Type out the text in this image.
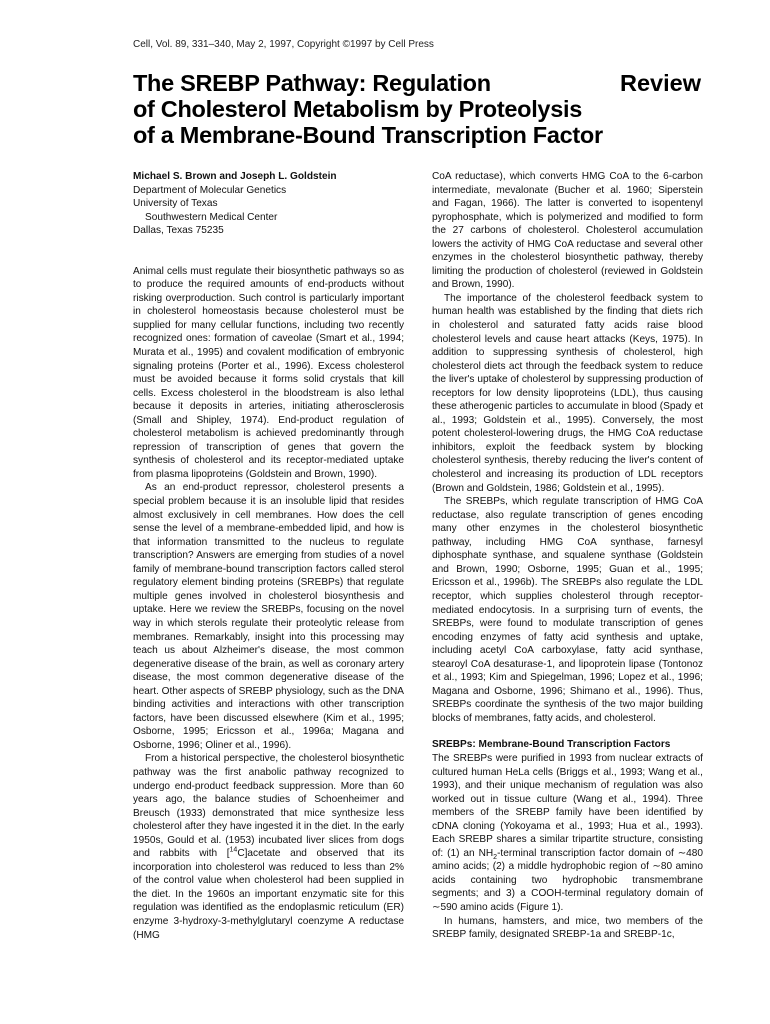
Cell, Vol. 89, 331–340, May 2, 1997, Copyright ©1997 by Cell Press
The SREBP Pathway: Regulation
of Cholesterol Metabolism by Proteolysis
of a Membrane-Bound Transcription Factor
Review
Michael S. Brown and Joseph L. Goldstein
Department of Molecular Genetics
University of Texas
Southwestern Medical Center
Dallas, Texas 75235

Animal cells must regulate their biosynthetic pathways so as to produce the required amounts of end-products without risking overproduction. Such control is particularly important in cholesterol homeostasis because cholesterol must be supplied for many cellular functions, including two recently recognized ones: formation of caveolae (Smart et al., 1994; Murata et al., 1995) and covalent modification of embryonic signaling proteins (Porter et al., 1996). Excess cholesterol must be avoided because it forms solid crystals that kill cells. Excess cholesterol in the bloodstream is also lethal because it deposits in arteries, initiating atherosclerosis (Small and Shipley, 1974). End-product regulation of cholesterol metabolism is achieved predominantly through repression of transcription of genes that govern the synthesis of cholesterol and its receptor-mediated uptake from plasma lipoproteins (Goldstein and Brown, 1990).

As an end-product repressor, cholesterol presents a special problem because it is an insoluble lipid that resides almost exclusively in cell membranes. How does the cell sense the level of a membrane-embedded lipid, and how is that information transmitted to the nucleus to regulate transcription? Answers are emerging from studies of a novel family of membrane-bound transcription factors called sterol regulatory element binding proteins (SREBPs) that regulate multiple genes involved in cholesterol biosynthesis and uptake. Here we review the SREBPs, focusing on the novel way in which sterols regulate their proteolytic release from membranes. Remarkably, insight into this processing may teach us about Alzheimer's disease, the most common degenerative disease of the brain, as well as coronary artery disease, the most common degenerative disease of the heart. Other aspects of SREBP physiology, such as the DNA binding activities and interactions with other transcription factors, have been discussed elsewhere (Kim et al., 1995; Osborne, 1995; Ericsson et al., 1996a; Magana and Osborne, 1996; Oliner et al., 1996).

From a historical perspective, the cholesterol biosynthetic pathway was the first anabolic pathway recognized to undergo end-product feedback suppression. More than 60 years ago, the balance studies of Schoenheimer and Breusch (1933) demonstrated that mice synthesize less cholesterol after they have ingested it in the diet. In the early 1950s, Gould et al. (1953) incubated liver slices from dogs and rabbits with [$^{14}$C]acetate and observed that its incorporation into cholesterol was reduced to less than 2% of the control value when cholesterol had been supplied in the diet. In the 1960s an important enzymatic site for this regulation was identified as the endoplasmic reticulum (ER) enzyme 3-hydroxy-3-methylglutaryl coenzyme A reductase (HMG

CoA reductase), which converts HMG CoA to the 6-carbon intermediate, mevalonate (Bucher et al. 1960; Siperstein and Fagan, 1966). The latter is converted to isopentenyl pyrophosphate, which is polymerized and modified to form the 27 carbons of cholesterol. Cholesterol accumulation lowers the activity of HMG CoA reductase and several other enzymes in the cholesterol biosynthetic pathway, thereby limiting the production of cholesterol (reviewed in Goldstein and Brown, 1990).

The importance of the cholesterol feedback system to human health was established by the finding that diets rich in cholesterol and saturated fatty acids raise blood cholesterol levels and cause heart attacks (Keys, 1975). In addition to suppressing synthesis of cholesterol, high cholesterol diets act through the feedback system to reduce the liver's uptake of cholesterol by suppressing production of receptors for low density lipoproteins (LDL), thus causing these atherogenic particles to accumulate in blood (Spady et al., 1993; Goldstein et al., 1995). Conversely, the most potent cholesterol-lowering drugs, the HMG CoA reductase inhibitors, exploit the feedback system by blocking cholesterol synthesis, thereby reducing the liver's content of cholesterol and increasing its production of LDL receptors (Brown and Goldstein, 1986; Goldstein et al., 1995).

The SREBPs, which regulate transcription of HMG CoA reductase, also regulate transcription of genes encoding many other enzymes in the cholesterol biosynthetic pathway, including HMG CoA synthase, farnesyl diphosphate synthase, and squalene synthase (Goldstein and Brown, 1990; Osborne, 1995; Guan et al., 1995; Ericsson et al., 1996b). The SREBPs also regulate the LDL receptor, which supplies cholesterol through receptor-mediated endocytosis. In a surprising turn of events, the SREBPs, were found to modulate transcription of genes encoding enzymes of fatty acid synthesis and uptake, including acetyl CoA carboxylase, fatty acid synthase, stearoyl CoA desaturase-1, and lipoprotein lipase (Tontonoz et al., 1993; Kim and Spiegelman, 1996; Lopez et al., 1996; Magana and Osborne, 1996; Shimano et al., 1996). Thus, SREBPs coordinate the synthesis of the two major building blocks of membranes, fatty acids, and cholesterol.

SREBPs: Membrane-Bound Transcription Factors

The SREBPs were purified in 1993 from nuclear extracts of cultured human HeLa cells (Briggs et al., 1993; Wang et al., 1993), and their unique mechanism of regulation was also worked out in tissue culture (Wang et al., 1994). Three members of the SREBP family have been identified by cDNA cloning (Yokoyama et al., 1993; Hua et al., 1993). Each SREBP shares a similar tripartite structure, consisting of: (1) an $NH_2$-terminal transcription factor domain of ∼480 amino acids; (2) a middle hydrophobic region of ∼80 amino acids containing two hydrophobic transmembrane segments; and 3) a COOH-terminal regulatory domain of ∼590 amino acids (Figure 1).

In humans, hamsters, and mice, two members of the SREBP family, designated SREBP-1a and SREBP-1c,
